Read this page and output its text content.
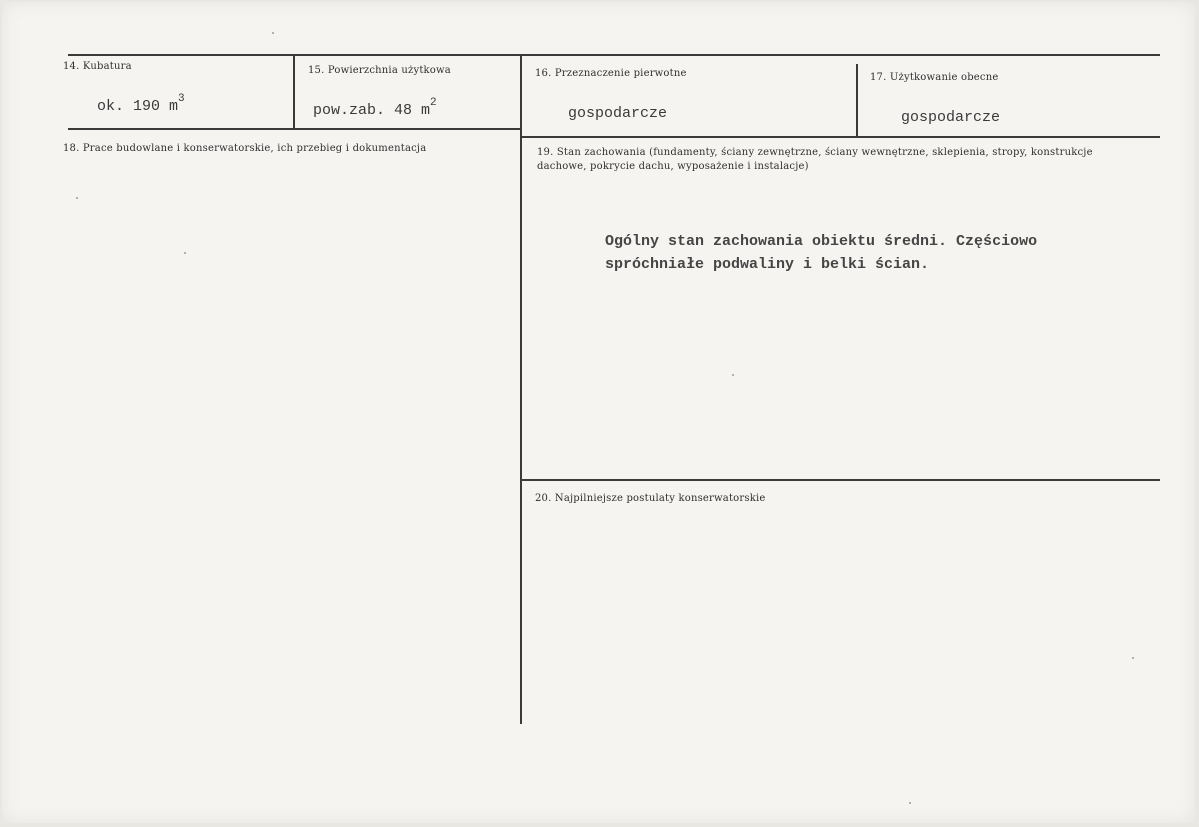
14. Kubatura
ok. 190 $m^3$
15. Powierzchnia użytkowa
pow.zab. 48 $m^2$
16. Przeznaczenie pierwotne
gospodarcze
17. Użytkowanie obecne
gospodarcze
18. Prace budowlane i konserwatorskie, ich przebieg i dokumentacja	19. Stan zachowania (fundamenty, ściany zewnętrzne, ściany wewnętrzne, sklepienia, stropy, konstrukcje
dachowe, pokrycie dachu, wyposażenie i instalacje)
Ogólny stan zachowania obiektu średni. Częściowo
spróchniałe podwaliny i belki ścian.
20. Najpilniejsze postulaty konserwatorskie
